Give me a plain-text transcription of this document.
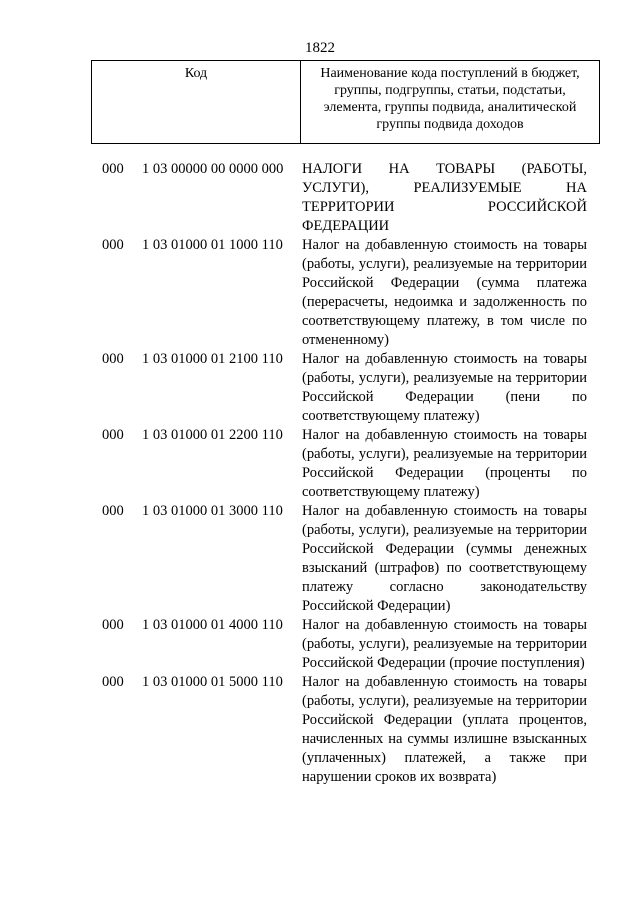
1822
Код	Наименование кода поступлений в бюджет, группы, подгруппы, статьи, подстатьи, элемента, группы подвида, аналитической группы подвида доходов
000 1 03 00000 00 0000 000 НАЛОГИ НА ТОВАРЫ (РАБОТЫ, УСЛУГИ), РЕАЛИЗУЕМЫЕ НА ТЕРРИТОРИИ РОССИЙСКОЙ ФЕДЕРАЦИИ
000 1 03 01000 01 1000 110 Налог на добавленную стоимость на товары (работы, услуги), реализуемые на территории Российской Федерации (сумма платежа (перерасчеты, недоимка и задолженность по соответствующему платежу, в том числе по отмененному)
000 1 03 01000 01 2100 110 Налог на добавленную стоимость на товары (работы, услуги), реализуемые на территории Российской Федерации (пени по соответствующему платежу)
000 1 03 01000 01 2200 110 Налог на добавленную стоимость на товары (работы, услуги), реализуемые на территории Российской Федерации (проценты по соответствующему платежу)
000 1 03 01000 01 3000 110 Налог на добавленную стоимость на товары (работы, услуги), реализуемые на территории Российской Федерации (суммы денежных взысканий (штрафов) по соответствующему платежу согласно законодательству Российской Федерации)
000 1 03 01000 01 4000 110 Налог на добавленную стоимость на товары (работы, услуги), реализуемые на территории Российской Федерации (прочие поступления)
000 1 03 01000 01 5000 110 Налог на добавленную стоимость на товары (работы, услуги), реализуемые на территории Российской Федерации (уплата процентов, начисленных на суммы излишне взысканных (уплаченных) платежей, а также при нарушении сроков их возврата)
